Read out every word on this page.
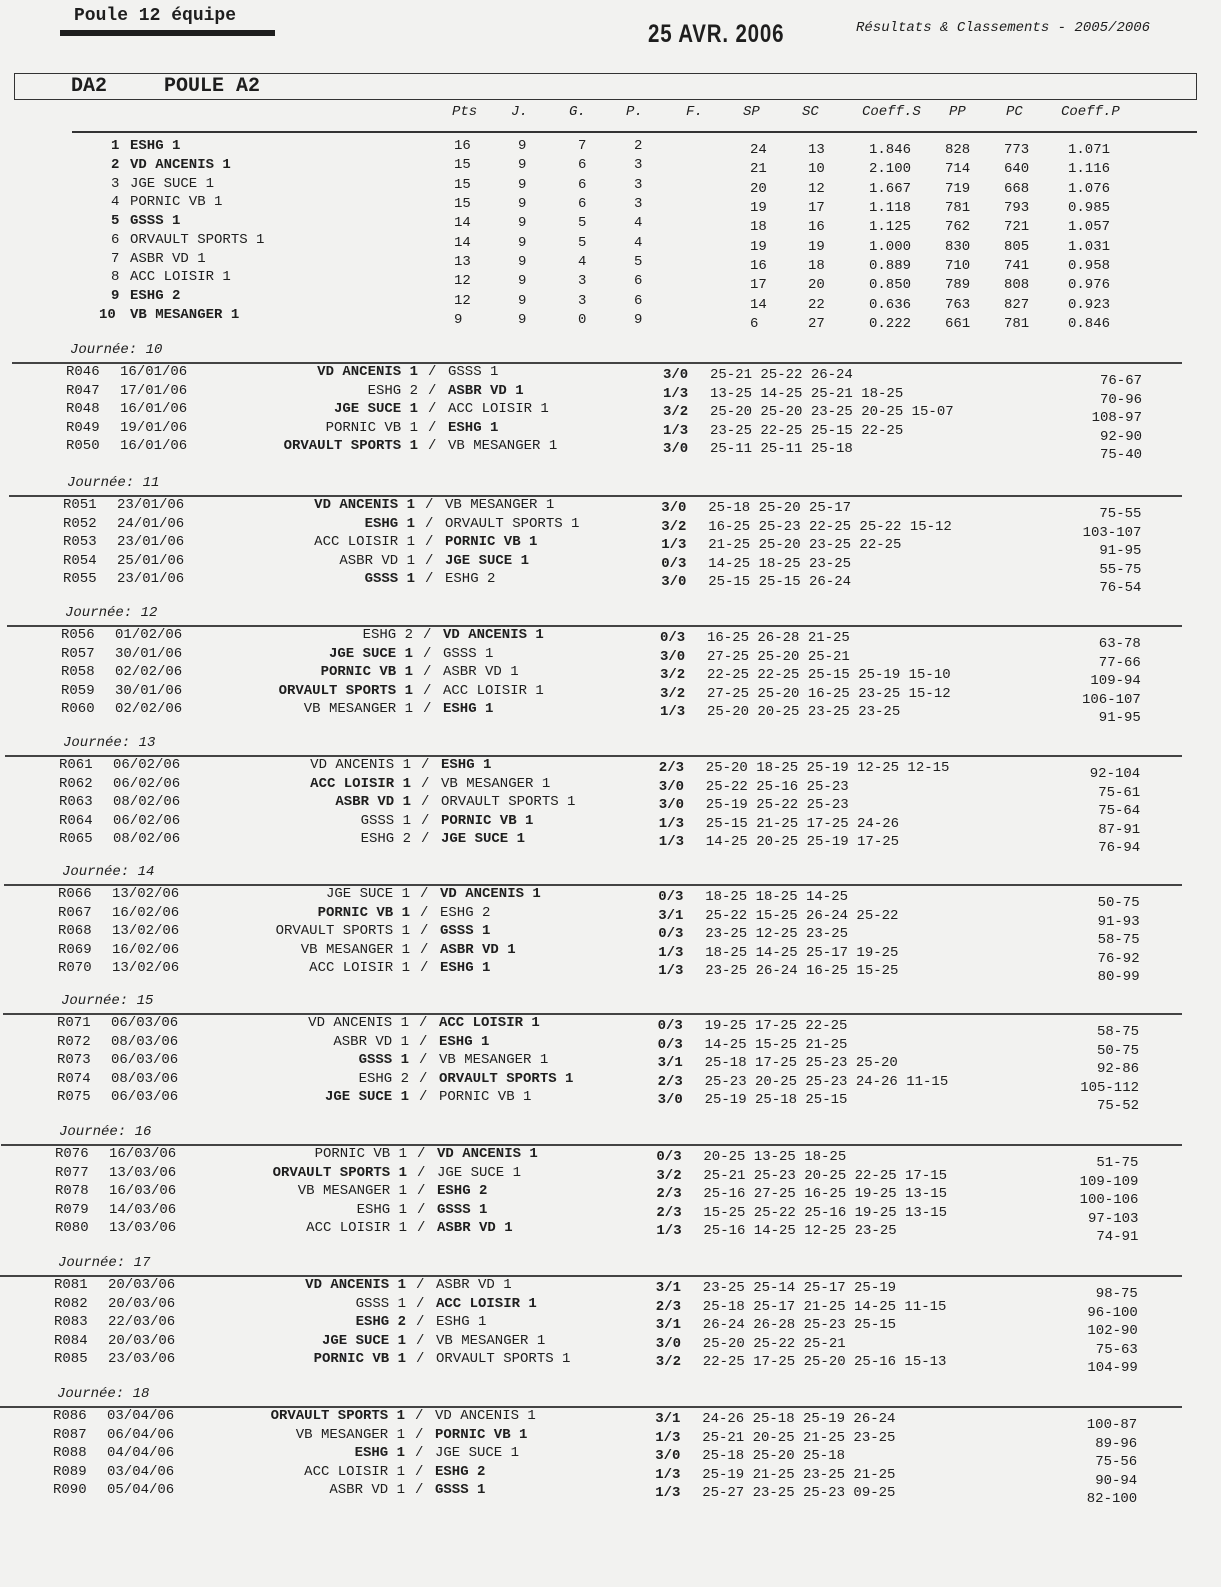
Poule 12 équipe
25 AVR. 2006	Résultats & Classements - 2005/2006
DA2	POULE A2
Pts J.	G.	P.	F.	SP	SC	Coeff.S PP	PC	Coeff.P
1 ESHG 1	16	9	7	2	24	13	1.846 828 773	1.071
2 VD ANCENIS 1	15	9	6	3	21	10	2.100 714 640	1.116
3 JGE SUCE 1	15	9	6	3	20	12	1.667 719 668	1.076
4 PORNIC VB 1	15	9	6	3	19	17	1.118 781 793	0.985
5 GSSS 1	14	9	5	4	18	16	1.125 762 721	1.057
6 ORVAULT SPORTS 1	14	9	5	4	19	19	1.000 830 805	1.031
7 ASBR VD 1	13	9	4	5	16	18	0.889 710 741	0.958
8 ACC LOISIR 1	12	9	3	6	17	20	0.850 789 808	0.976
9 ESHG 2	12	9	3	6	14	22	0.636 763 827	0.923
10 VB MESANGER 1	9	9	0	9	6	27	0.222 661 781	0.846
Journée: 10
R046 16/01/06	VD ANCENIS 1 / GSSS 1	3/0 25-21 25-22 26-24	76-67
R047 17/01/06	ESHG 2 / ASBR VD 1	1/3 13-25 14-25 25-21 18-25	70-96
R048 16/01/06	JGE SUCE 1 / ACC LOISIR 1	3/2 25-20 25-20 23-25 20-25 15-07	108-97
R049 19/01/06	PORNIC VB 1 / ESHG 1	1/3 23-25 22-25 25-15 22-25	92-90
R050 16/01/06	ORVAULT SPORTS 1 / VB MESANGER 1	3/0 25-11 25-11 25-18	75-40
Journée: 11
R051 23/01/06	VD ANCENIS 1 / VB MESANGER 1	3/0 25-18 25-20 25-17	75-55
R052 24/01/06	ESHG 1 / ORVAULT SPORTS 1	3/2 16-25 25-23 22-25 25-22 15-12	103-107
R053 23/01/06	ACC LOISIR 1 / PORNIC VB 1	1/3 21-25 25-20 23-25 22-25	91-95
R054 25/01/06	ASBR VD 1 / JGE SUCE 1	0/3 14-25 18-25 23-25	55-75
R055 23/01/06	GSSS 1 / ESHG 2	3/0 25-15 25-15 26-24	76-54
Journée: 12
R056 01/02/06	ESHG 2 / VD ANCENIS 1	0/3 16-25 26-28 21-25	63-78
R057 30/01/06	JGE SUCE 1 / GSSS 1	3/0 27-25 25-20 25-21	77-66
R058 02/02/06	PORNIC VB 1 / ASBR VD 1	3/2 22-25 22-25 25-15 25-19 15-10	109-94
R059 30/01/06	ORVAULT SPORTS 1 / ACC LOISIR 1	3/2 27-25 25-20 16-25 23-25 15-12	106-107
R060 02/02/06	VB MESANGER 1 / ESHG 1	1/3 25-20 20-25 23-25 23-25	91-95
Journée: 13
R061 06/02/06	VD ANCENIS 1 / ESHG 1	2/3 25-20 18-25 25-19 12-25 12-15	92-104
R062 06/02/06	ACC LOISIR 1 / VB MESANGER 1	3/0 25-22 25-16 25-23	75-61
R063 08/02/06	ASBR VD 1 / ORVAULT SPORTS 1	3/0 25-19 25-22 25-23	75-64
R064 06/02/06	GSSS 1 / PORNIC VB 1	1/3 25-15 21-25 17-25 24-26	87-91
R065 08/02/06	ESHG 2 / JGE SUCE 1	1/3 14-25 20-25 25-19 17-25	76-94
Journée: 14
R066 13/02/06	JGE SUCE 1 / VD ANCENIS 1	0/3 18-25 18-25 14-25	50-75
R067 16/02/06	PORNIC VB 1 / ESHG 2	3/1 25-22 15-25 26-24 25-22	91-93
R068 13/02/06	ORVAULT SPORTS 1 / GSSS 1	0/3 23-25 12-25 23-25	58-75
R069 16/02/06	VB MESANGER 1 / ASBR VD 1	1/3 18-25 14-25 25-17 19-25	76-92
R070 13/02/06	ACC LOISIR 1 / ESHG 1	1/3 23-25 26-24 16-25 15-25	80-99
Journée: 15
R071 06/03/06	VD ANCENIS 1 / ACC LOISIR 1	0/3 19-25 17-25 22-25	58-75
R072 08/03/06	ASBR VD 1 / ESHG 1	0/3 14-25 15-25 21-25	50-75
R073 06/03/06	GSSS 1 / VB MESANGER 1	3/1 25-18 17-25 25-23 25-20	92-86
R074 08/03/06	ESHG 2 / ORVAULT SPORTS 1	2/3 25-23 20-25 25-23 24-26 11-15	105-112
R075 06/03/06	JGE SUCE 1 / PORNIC VB 1	3/0 25-19 25-18 25-15	75-52
Journée: 16
R076 16/03/06	PORNIC VB 1 / VD ANCENIS 1	0/3 20-25 13-25 18-25	51-75
R077 13/03/06	ORVAULT SPORTS 1 / JGE SUCE 1	3/2 25-21 25-23 20-25 22-25 17-15	109-109
R078 16/03/06	VB MESANGER 1 / ESHG 2	2/3 25-16 27-25 16-25 19-25 13-15	100-106
R079 14/03/06	ESHG 1 / GSSS 1	2/3 15-25 25-22 25-16 19-25 13-15	97-103
R080 13/03/06	ACC LOISIR 1 / ASBR VD 1	1/3 25-16 14-25 12-25 23-25	74-91
Journée: 17
R081 20/03/06	VD ANCENIS 1 / ASBR VD 1	3/1 23-25 25-14 25-17 25-19	98-75
R082 20/03/06	GSSS 1 / ACC LOISIR 1	2/3 25-18 25-17 21-25 14-25 11-15	96-100
R083 22/03/06	ESHG 2 / ESHG 1	3/1 26-24 26-28 25-23 25-15	102-90
R084 20/03/06	JGE SUCE 1 / VB MESANGER 1	3/0 25-20 25-22 25-21	75-63
R085 23/03/06	PORNIC VB 1 / ORVAULT SPORTS 1	3/2 22-25 17-25 25-20 25-16 15-13	104-99
Journée: 18
R086 03/04/06	ORVAULT SPORTS 1 / VD ANCENIS 1	3/1 24-26 25-18 25-19 26-24	100-87
R087 06/04/06	VB MESANGER 1 / PORNIC VB 1	1/3 25-21 20-25 21-25 23-25	89-96
R088 04/04/06	ESHG 1 / JGE SUCE 1	3/0 25-18 25-20 25-18	75-56
R089 03/04/06	ACC LOISIR 1 / ESHG 2	1/3 25-19 21-25 23-25 21-25	90-94
R090 05/04/06	ASBR VD 1 / GSSS 1	1/3 25-27 23-25 25-23 09-25	82-100
